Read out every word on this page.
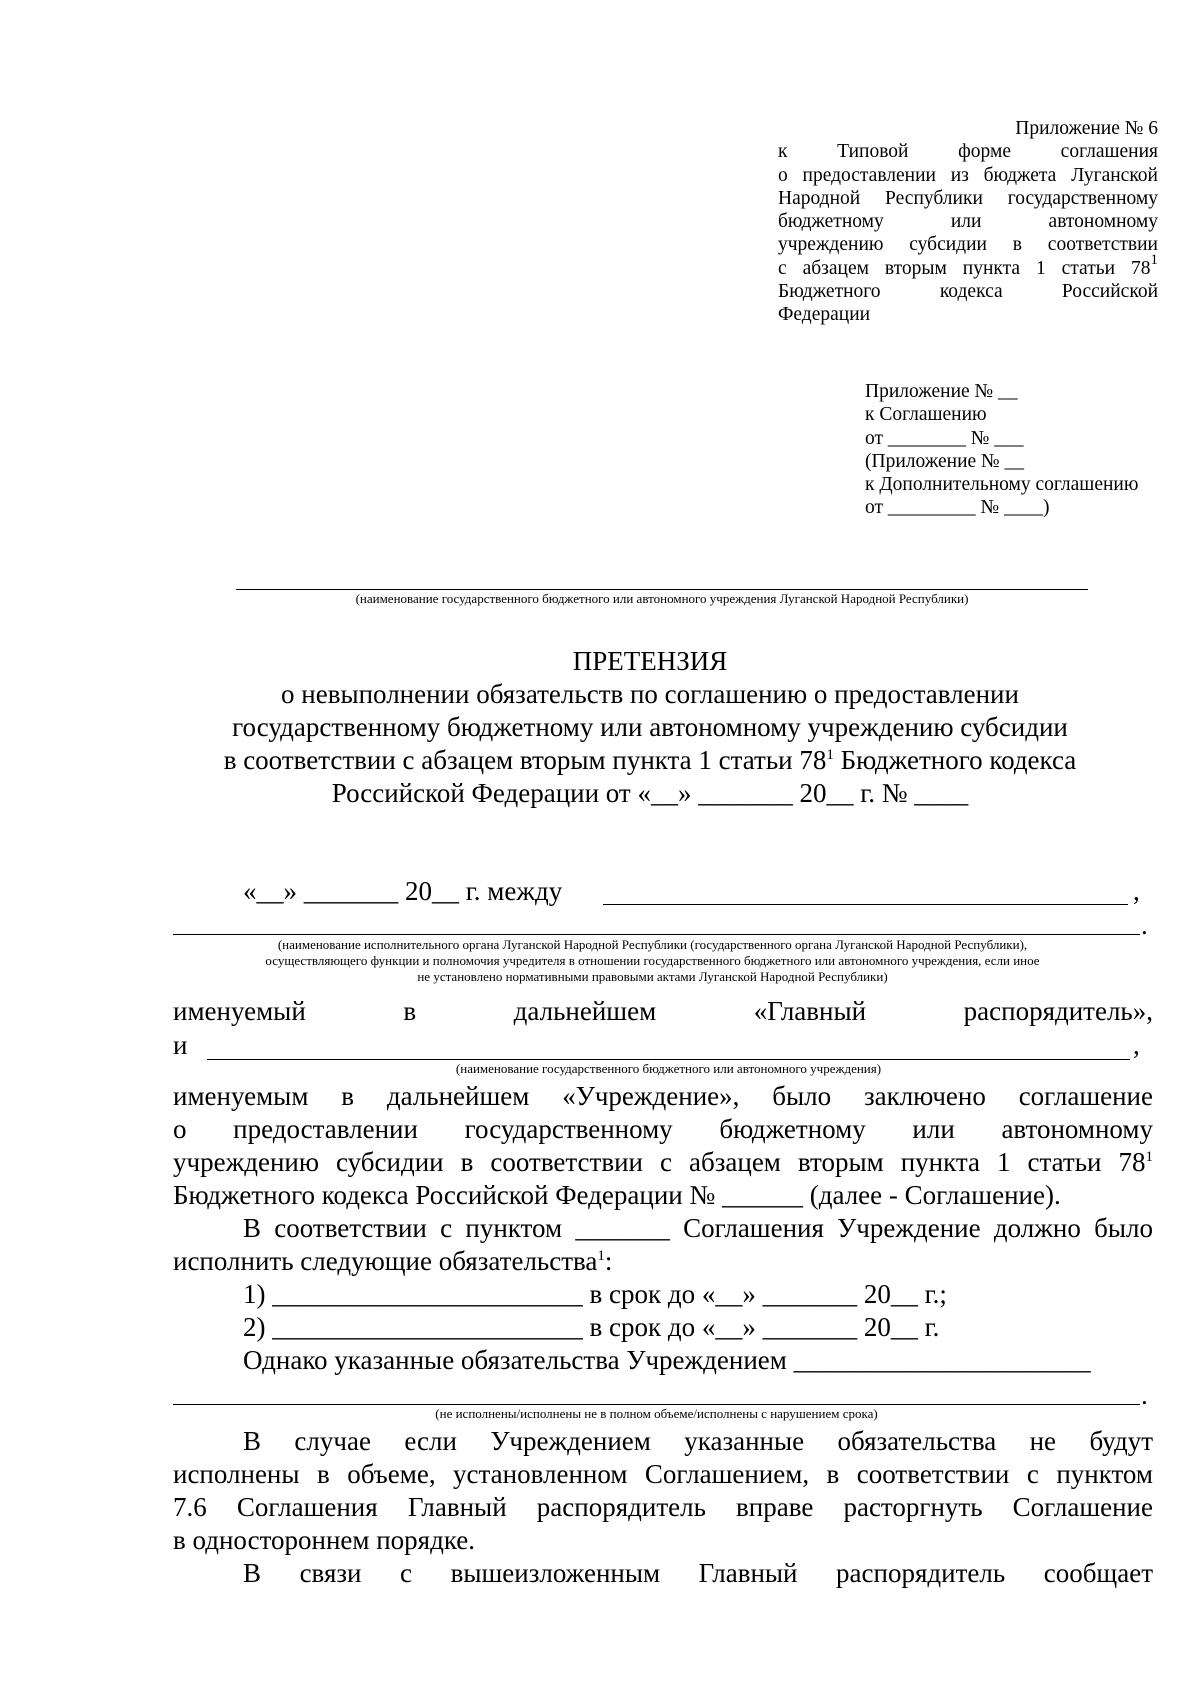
Приложение № 6
к Типовой форме соглашения
о предоставлении из бюджета Луганской
Народной Республики государственному
бюджетному или автономному
учреждению субсидии в соответствии
с абзацем вторым пункта 1 статьи $78^1$
Бюджетного кодекса Российской
Федерации
Приложение № __
к Соглашению
от ________ № ___
(Приложение № __
к Дополнительному соглашению
от _________ № ____)
(наименование государственного бюджетного или автономного учреждения Луганской Народной Республики)
ПРЕТЕНЗИЯ
о невыполнении обязательств по соглашению о предоставлении
государственному бюджетному или автономному учреждению субсидии
в соответствии с абзацем вторым пункта 1 статьи $78^1$ Бюджетного кодекса
Российской Федерации от «__» _______ 20__ г. № ____
«__» _______ 20__ г. между	,
.
(наименование исполнительного органа Луганской Народной Республики (государственного органа Луганской Народной Республики),
осуществляющего функции и полномочия учредителя в отношении государственного бюджетного или автономного учреждения, если иное
не установлено нормативными правовыми актами Луганской Народной Республики)
именуемый в дальнейшем «Главный распорядитель»,
и	,
(наименование государственного бюджетного или автономного учреждения)
именуемым в дальнейшем «Учреждение», было заключено соглашение
о предоставлении государственному бюджетному или автономному
учреждению субсидии в соответствии с абзацем вторым пункта 1 статьи $78^1$
Бюджетного кодекса Российской Федерации № ______ (далее - Соглашение).
В соответствии с пунктом _______ Соглашения Учреждение должно было
исполнить следующие обязательства$^1$:
1) _______________________ в срок до «__» _______ 20__ г.;
2) _______________________ в срок до «__» _______ 20__ г.
Однако указанные обязательства Учреждением ______________________
.
(не исполнены/исполнены не в полном объеме/исполнены с нарушением срока)
В случае если Учреждением указанные обязательства не будут
исполнены в объеме, установленном Соглашением, в соответствии с пунктом
7.6 Соглашения Главный распорядитель вправе расторгнуть Соглашение
в одностороннем порядке.
В связи с вышеизложенным Главный распорядитель сообщает
